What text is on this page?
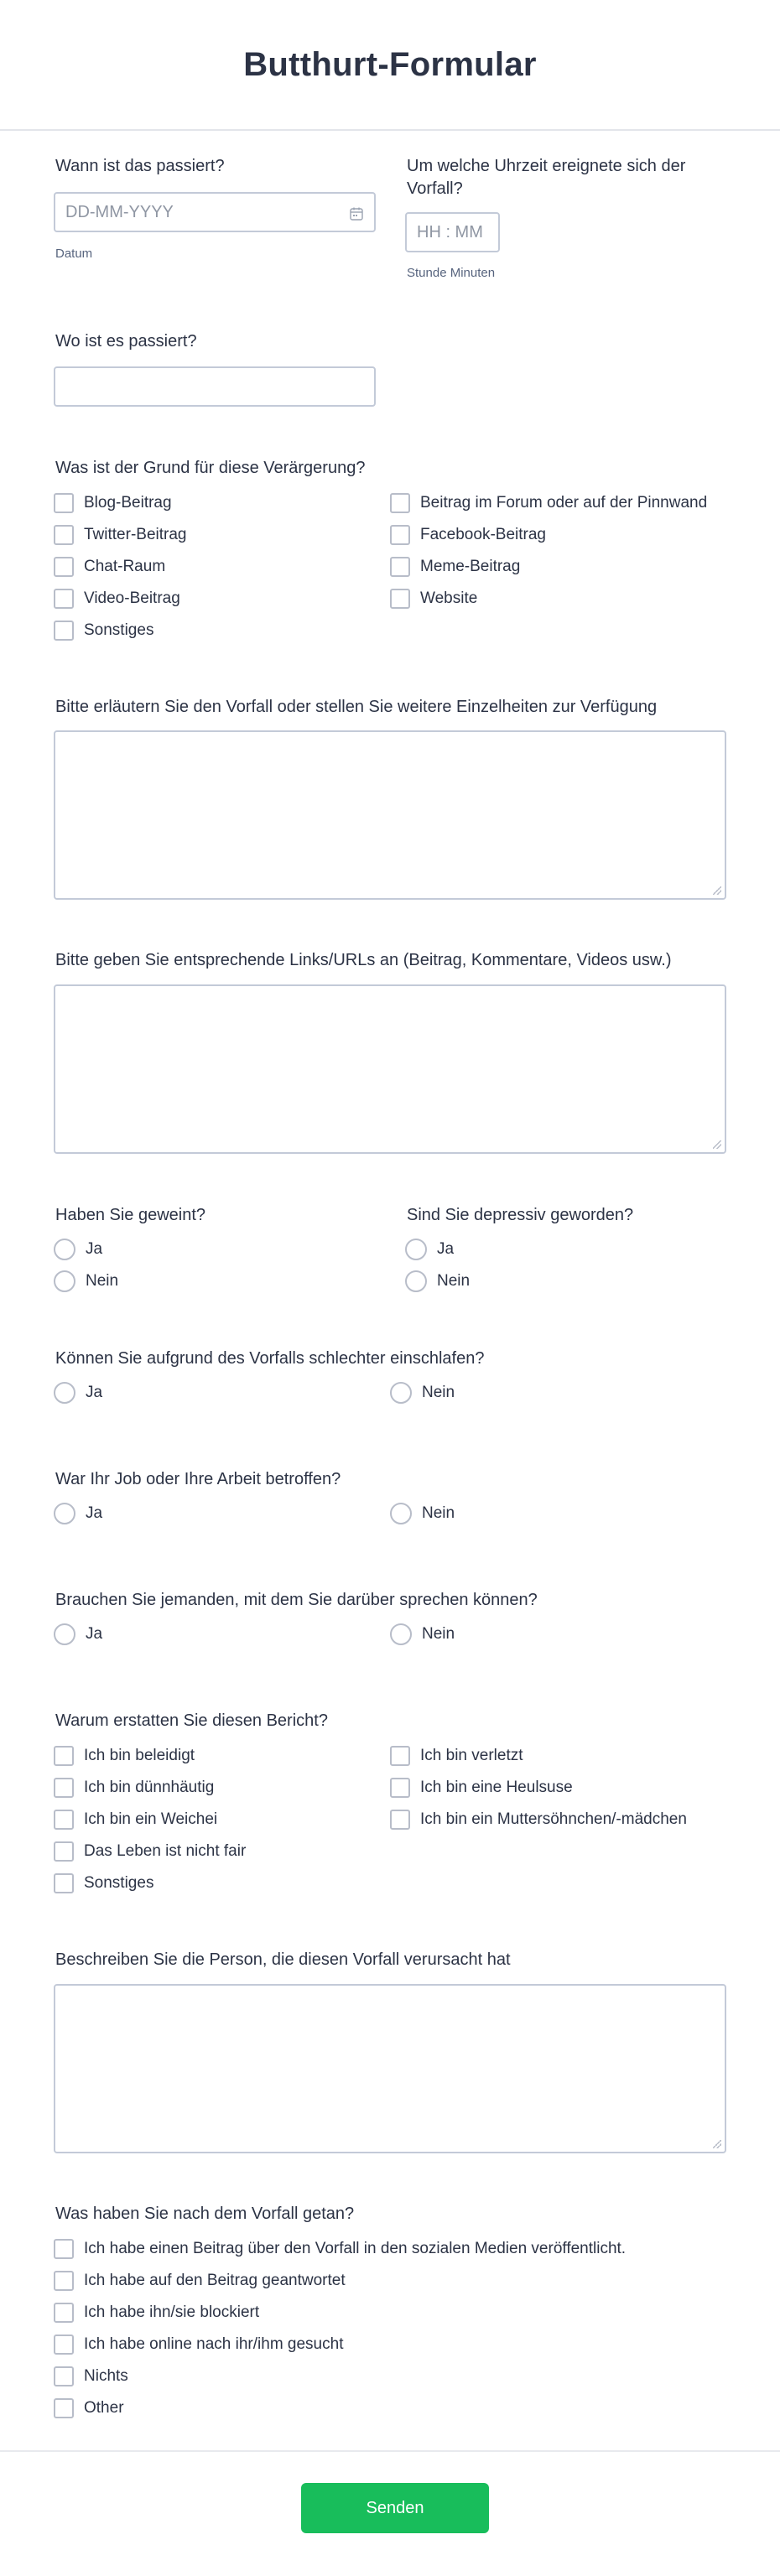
Butthurt-Formular
Wann ist das passiert?
DD-MM-YYYY
Datum
Um welche Uhrzeit ereignete sich der Vorfall?
HH : MM
Stunde Minuten
Wo ist es passiert?
Was ist der Grund für diese Verärgerung?
Blog-Beitrag	Beitrag im Forum oder auf der Pinnwand
Twitter-Beitrag	Facebook-Beitrag
Chat-Raum	Meme-Beitrag
Video-Beitrag	Website
Sonstiges
Bitte erläutern Sie den Vorfall oder stellen Sie weitere Einzelheiten zur Verfügung
Bitte geben Sie entsprechende Links/URLs an (Beitrag, Kommentare, Videos usw.)
Haben Sie geweint?
Ja
Nein
Sind Sie depressiv geworden?
Ja
Nein
Können Sie aufgrund des Vorfalls schlechter einschlafen?
Ja	Nein
War Ihr Job oder Ihre Arbeit betroffen?
Ja	Nein
Brauchen Sie jemanden, mit dem Sie darüber sprechen können?
Ja	Nein
Warum erstatten Sie diesen Bericht?
Ich bin beleidigt	Ich bin verletzt
Ich bin dünnhäutig	Ich bin eine Heulsuse
Ich bin ein Weichei	Ich bin ein Muttersöhnchen/-mädchen
Das Leben ist nicht fair
Sonstiges
Beschreiben Sie die Person, die diesen Vorfall verursacht hat
Was haben Sie nach dem Vorfall getan?
Ich habe einen Beitrag über den Vorfall in den sozialen Medien veröffentlicht.
Ich habe auf den Beitrag geantwortet
Ich habe ihn/sie blockiert
Ich habe online nach ihr/ihm gesucht
Nichts
Other
Senden
